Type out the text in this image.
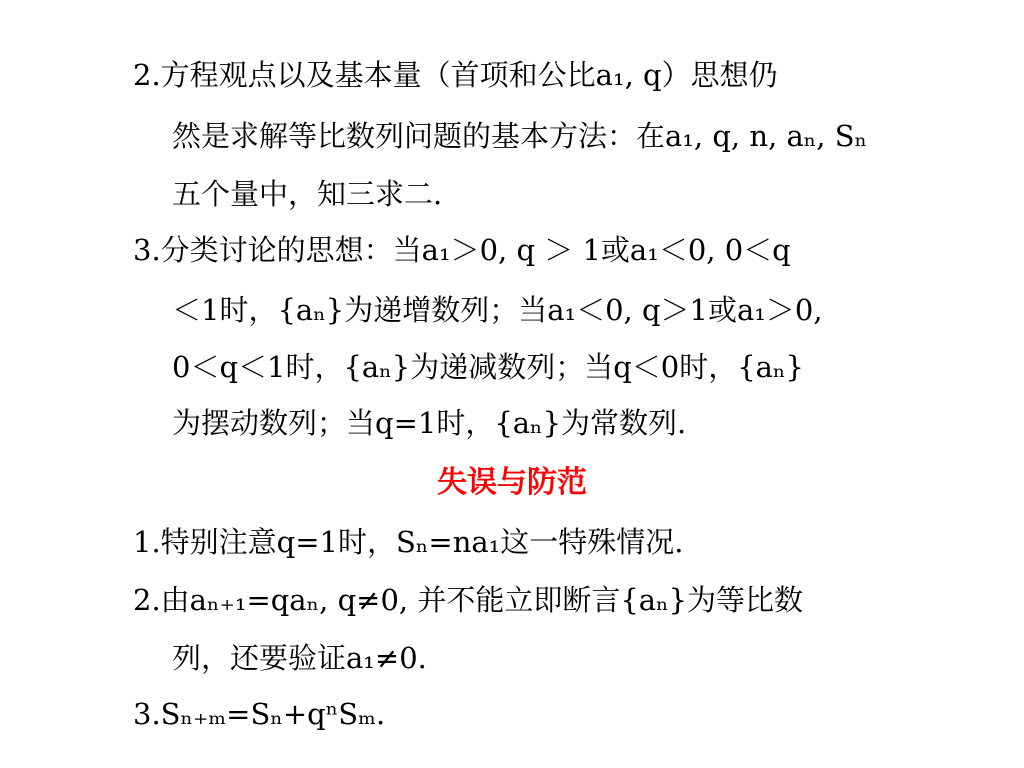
2.方程观点以及基本量（首项和公比a₁, q）思想仍
然是求解等比数列问题的基本方法：在a₁, q, n, aₙ, Sₙ
五个量中，知三求二.
3.分类讨论的思想：当a₁＞0, q ＞ 1或a₁＜0, 0＜q
＜1时，{aₙ}为递增数列；当a₁＜0, q＞1或a₁＞0,
0＜q＜1时，{aₙ}为递减数列；当q＜0时，{aₙ}
为摆动数列；当q=1时，{aₙ}为常数列.
失误与防范
1.特别注意q=1时，Sₙ=na₁这一特殊情况.
2.由aₙ₊₁=qaₙ, q≠0, 并不能立即断言{aₙ}为等比数
列，还要验证a₁≠0.
3.Sₙ₊ₘ=Sₙ+qⁿSₘ.
